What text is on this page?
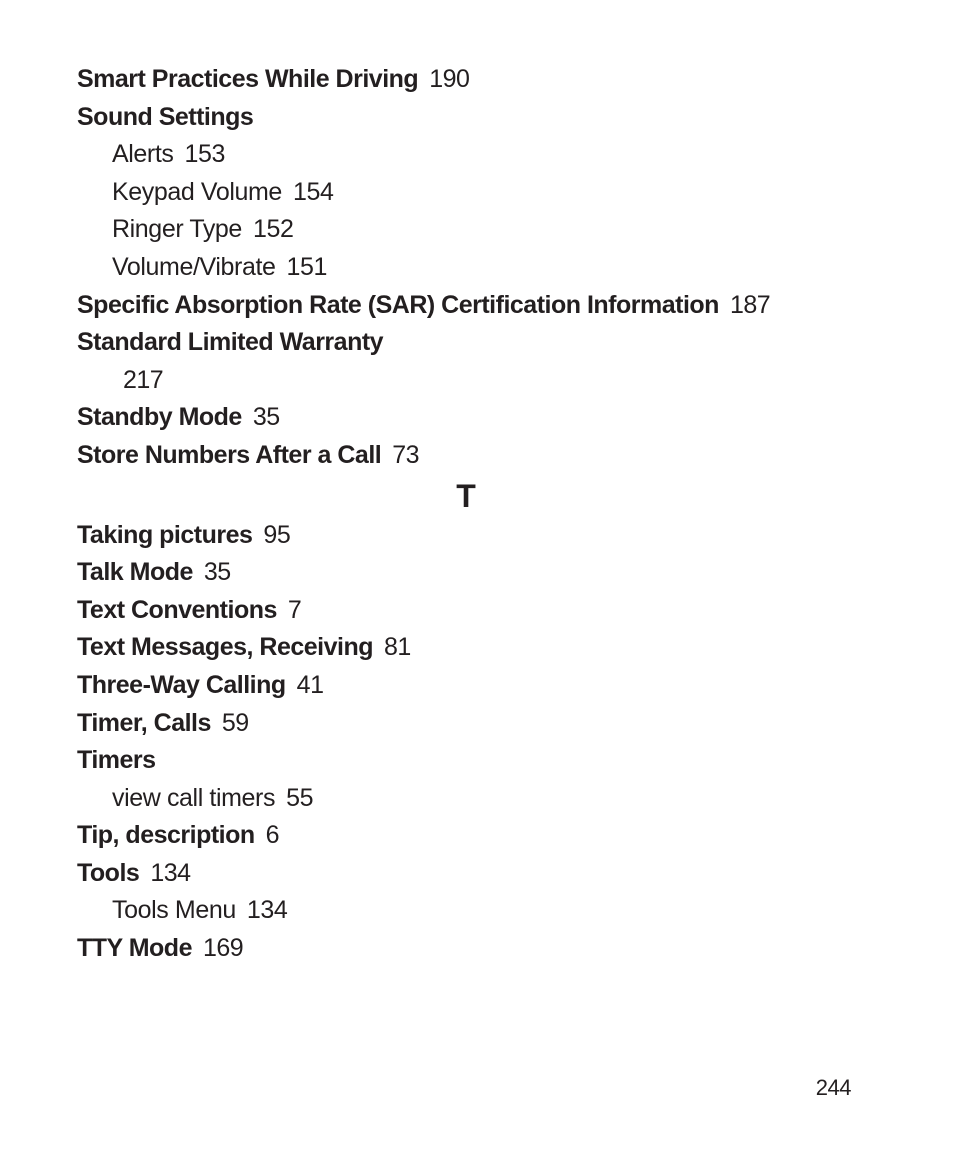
Smart Practices While Driving 190
Sound Settings
Alerts 153
Keypad Volume 154
Ringer Type 152
Volume/Vibrate 151
Specific Absorption Rate (SAR) Certification Information 187
Standard Limited Warranty
217
Standby Mode 35
Store Numbers After a Call 73
T
Taking pictures 95
Talk Mode 35
Text Conventions 7
Text Messages, Receiving 81
Three-Way Calling 41
Timer, Calls 59
Timers
view call timers 55
Tip, description 6
Tools 134
Tools Menu 134
TTY Mode 169
244
